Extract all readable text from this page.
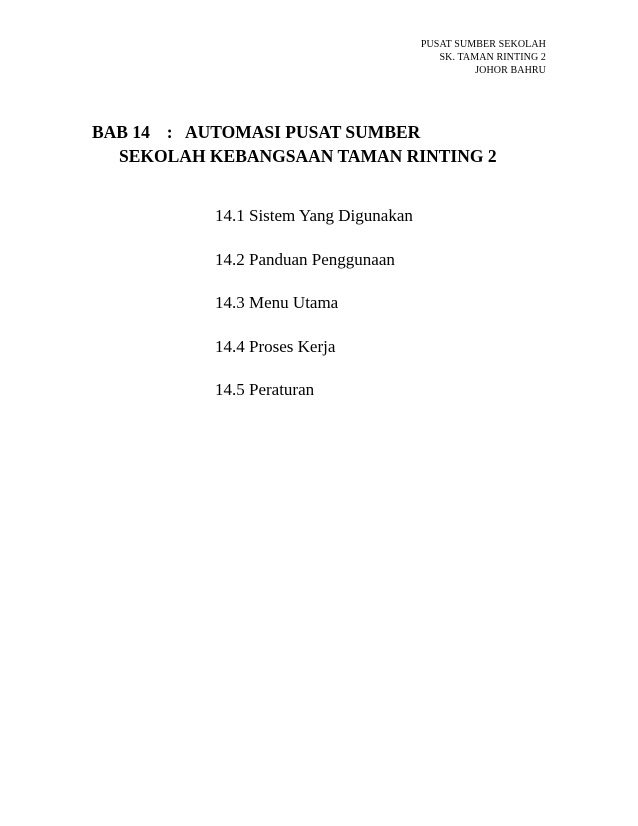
PUSAT SUMBER SEKOLAH
SK. TAMAN RINTING 2
JOHOR BAHRU
BAB 14 : AUTOMASI PUSAT SUMBER
SEKOLAH KEBANGSAAN TAMAN RINTING 2
14.1 Sistem Yang Digunakan
14.2 Panduan Penggunaan
14.3 Menu Utama
14.4 Proses Kerja
14.5 Peraturan
